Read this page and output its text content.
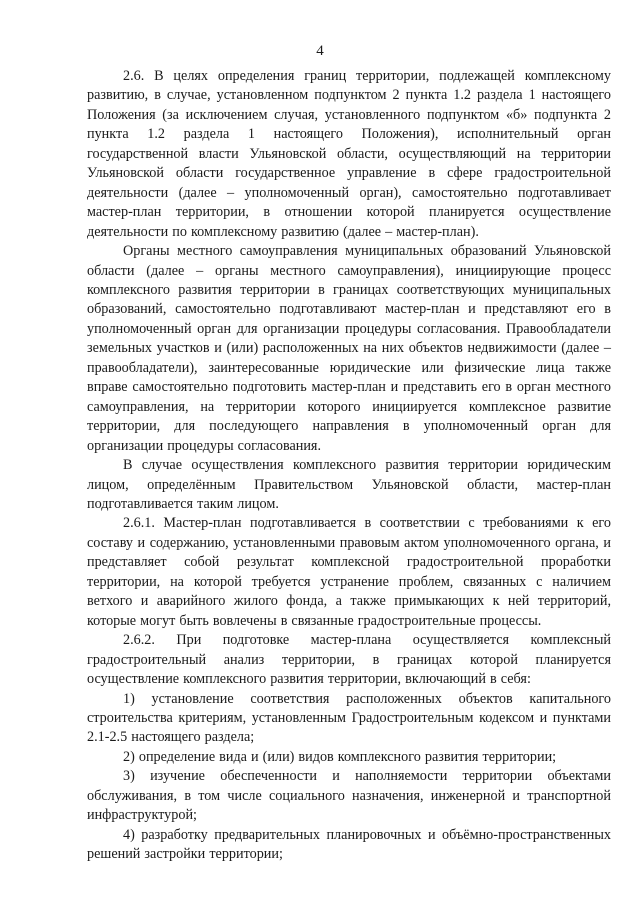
4

2.6. В целях определения границ территории, подлежащей комплексному развитию, в случае, установленном подпунктом 2 пункта 1.2 раздела 1 настоящего Положения (за исключением случая, установленного подпунктом «б» подпункта 2 пункта 1.2 раздела 1 настоящего Положения), исполнительный орган государственной власти Ульяновской области, осуществляющий на территории Ульяновской области государственное управление в сфере градостроительной деятельности (далее – уполномоченный орган), самостоятельно подготавливает мастер-план территории, в отношении которой планируется осуществление деятельности по комплексному развитию (далее – мастер-план).

Органы местного самоуправления муниципальных образований Ульяновской области (далее – органы местного самоуправления), инициирующие процесс комплексного развития территории в границах соответствующих муниципальных образований, самостоятельно подготавливают мастер-план и представляют его в уполномоченный орган для организации процедуры согласования. Правообладатели земельных участков и (или) расположенных на них объектов недвижимости (далее – правообладатели), заинтересованные юридические или физические лица также вправе самостоятельно подготовить мастер-план и представить его в орган местного самоуправления, на территории которого инициируется комплексное развитие территории, для последующего направления в уполномоченный орган для организации процедуры согласования.

В случае осуществления комплексного развития территории юридическим лицом, определённым Правительством Ульяновской области, мастер-план подготавливается таким лицом.

2.6.1. Мастер-план подготавливается в соответствии с требованиями к его составу и содержанию, установленными правовым актом уполномоченного органа, и представляет собой результат комплексной градостроительной проработки территории, на которой требуется устранение проблем, связанных с наличием ветхого и аварийного жилого фонда, а также примыкающих к ней территорий, которые могут быть вовлечены в связанные градостроительные процессы.

2.6.2. При подготовке мастер-плана осуществляется комплексный градостроительный анализ территории, в границах которой планируется осуществление комплексного развития территории, включающий в себя:

1) установление соответствия расположенных объектов капитального строительства критериям, установленным Градостроительным кодексом и пунктами 2.1-2.5 настоящего раздела;

2) определение вида и (или) видов комплексного развития территории;

3) изучение обеспеченности и наполняемости территории объектами обслуживания, в том числе социального назначения, инженерной и транспортной инфраструктурой;

4) разработку предварительных планировочных и объёмно-пространственных решений застройки территории;
